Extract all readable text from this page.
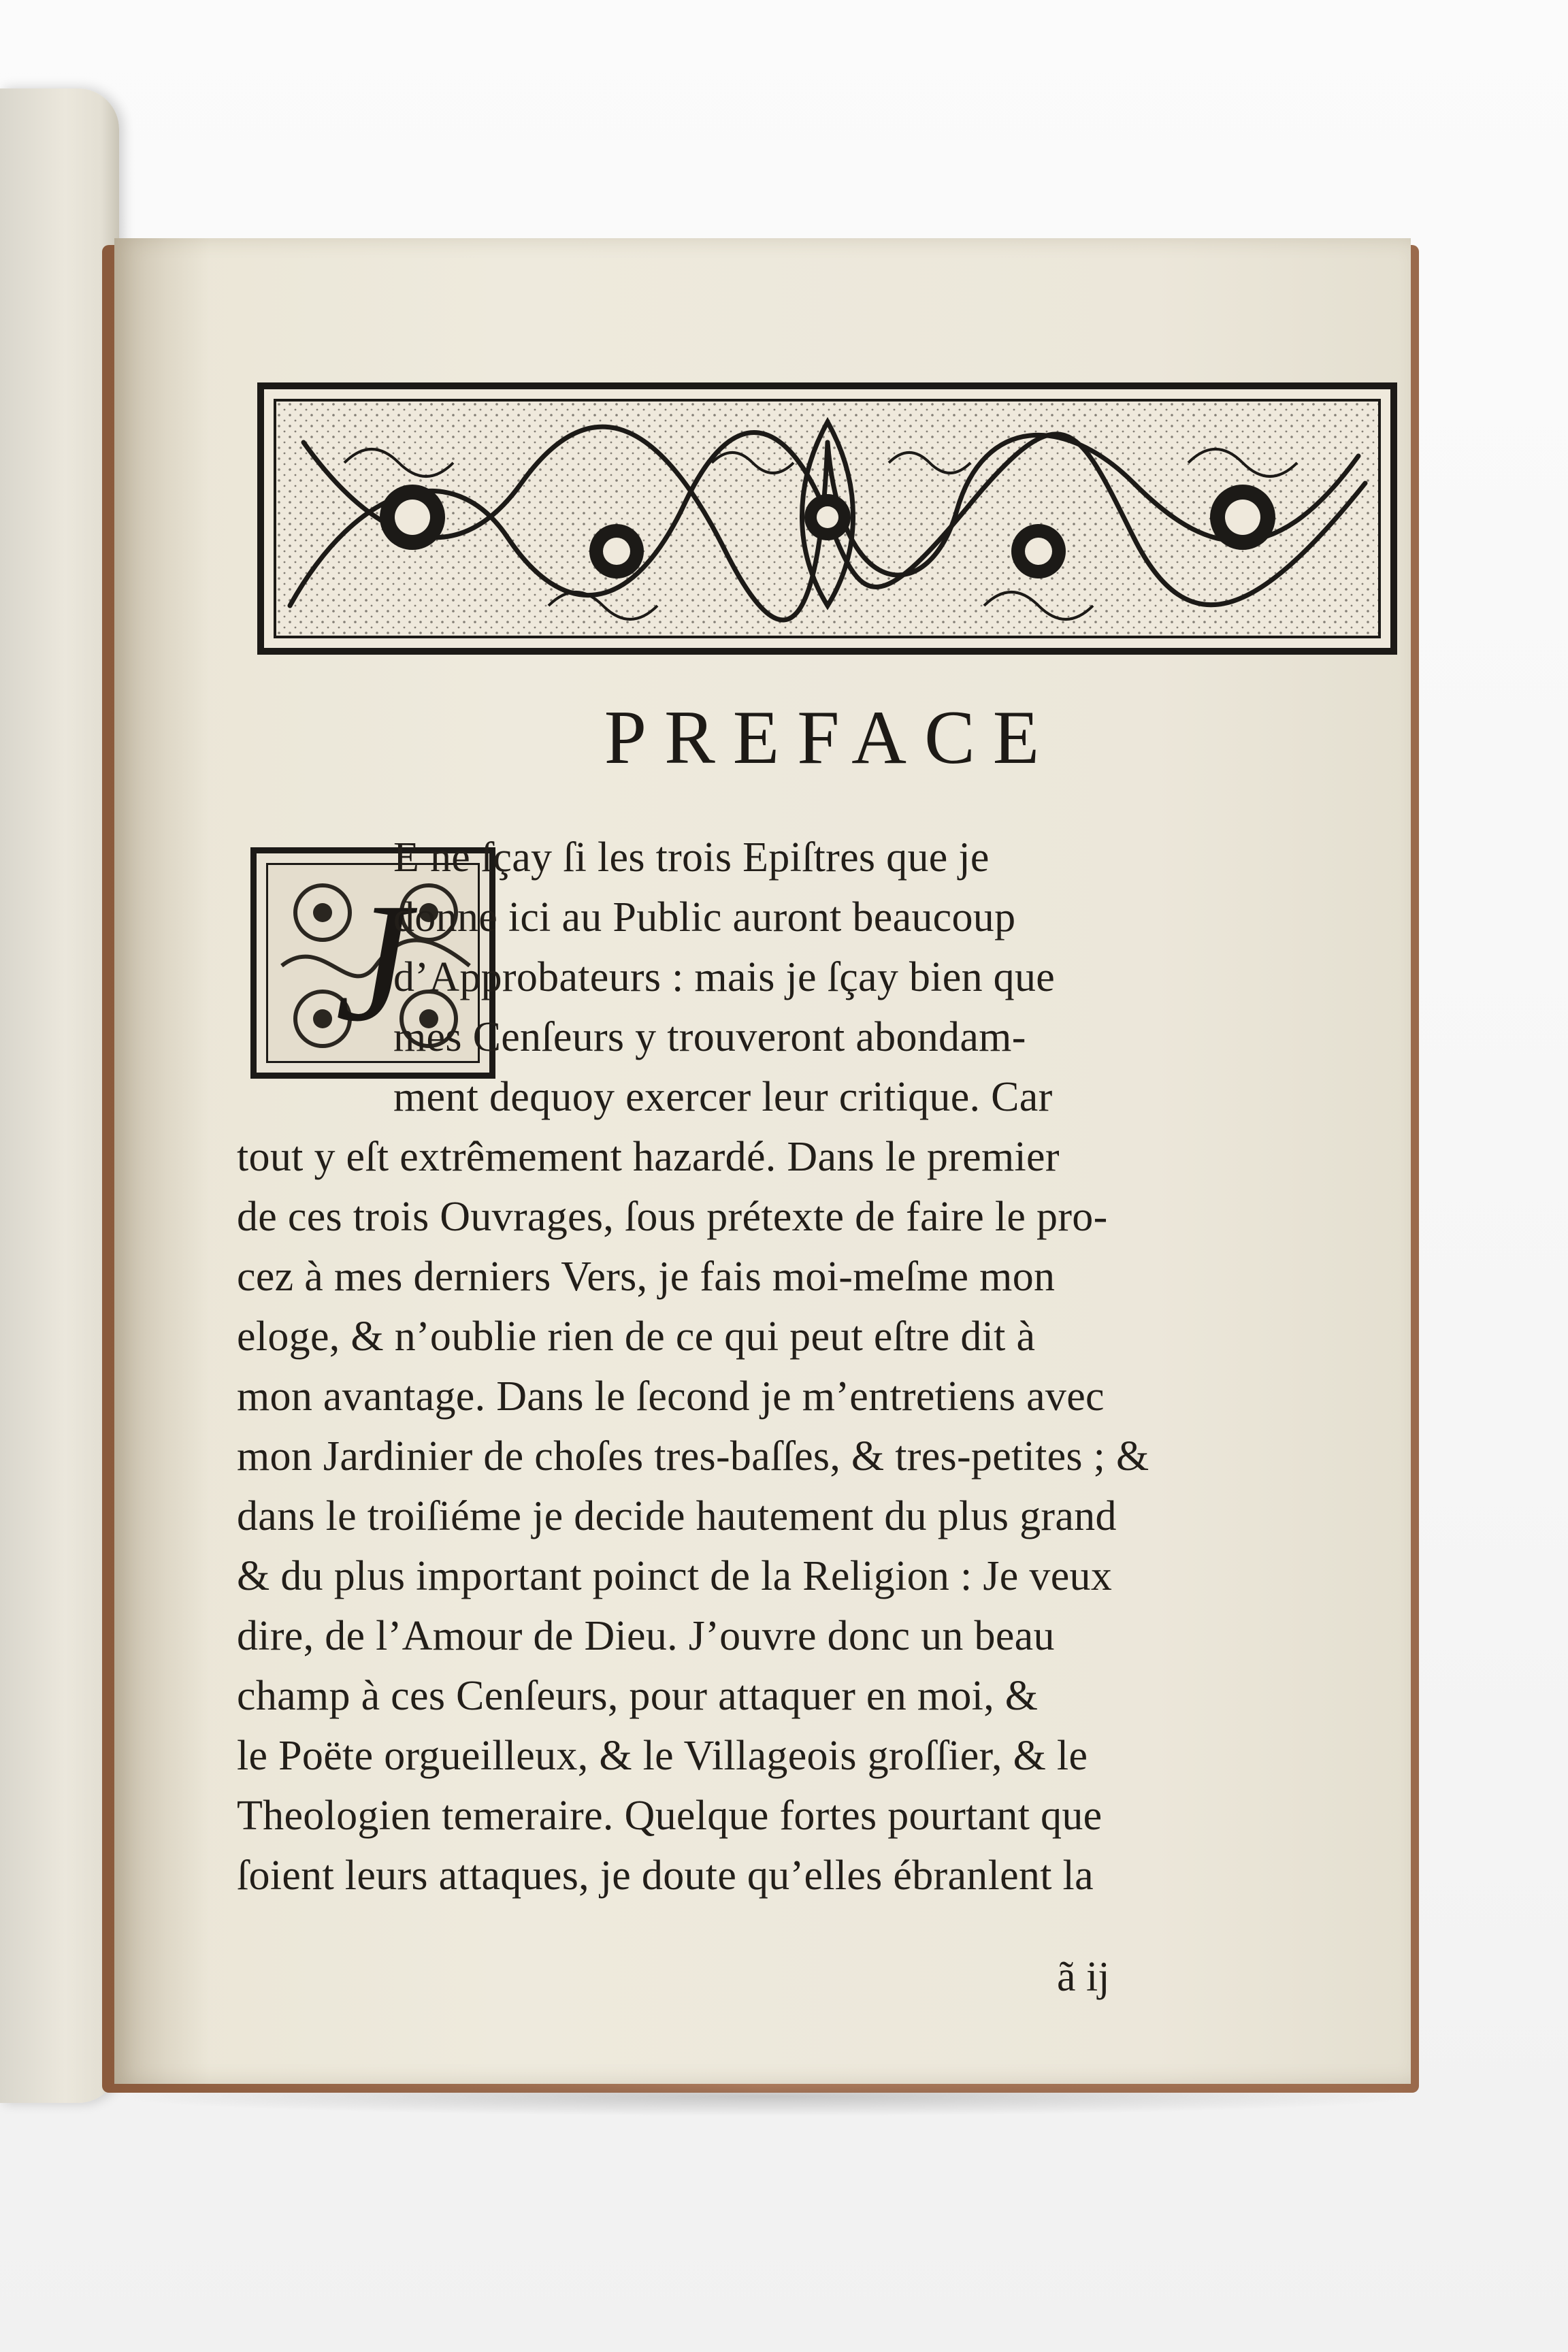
PREFACE
J
E ne ſçay ſi les trois Epiſtres que je
donne ici au Public auront beaucoup
d’Approbateurs : mais je ſçay bien que
mes Cenſeurs y trouveront abondam-
ment dequoy exercer leur critique. Car
tout y eſt extrêmement hazardé. Dans le premier
de ces trois Ouvrages, ſous prétexte de faire le pro-
cez à mes derniers Vers, je fais moi-meſme mon
eloge, & n’oublie rien de ce qui peut eſtre dit à
mon avantage. Dans le ſecond je m’entretiens avec
mon Jardinier de choſes tres-baſſes, & tres-petites ; &
dans le troiſiéme je decide hautement du plus grand
& du plus important poinct de la Religion : Je veux
dire, de l’Amour de Dieu. J’ouvre donc un beau
champ à ces Cenſeurs, pour attaquer en moi, &
le Poëte orgueilleux, & le Villageois groſſier, & le
Theologien temeraire. Quelque fortes pourtant que
ſoient leurs attaques, je doute qu’elles ébranlent la
ã ij
